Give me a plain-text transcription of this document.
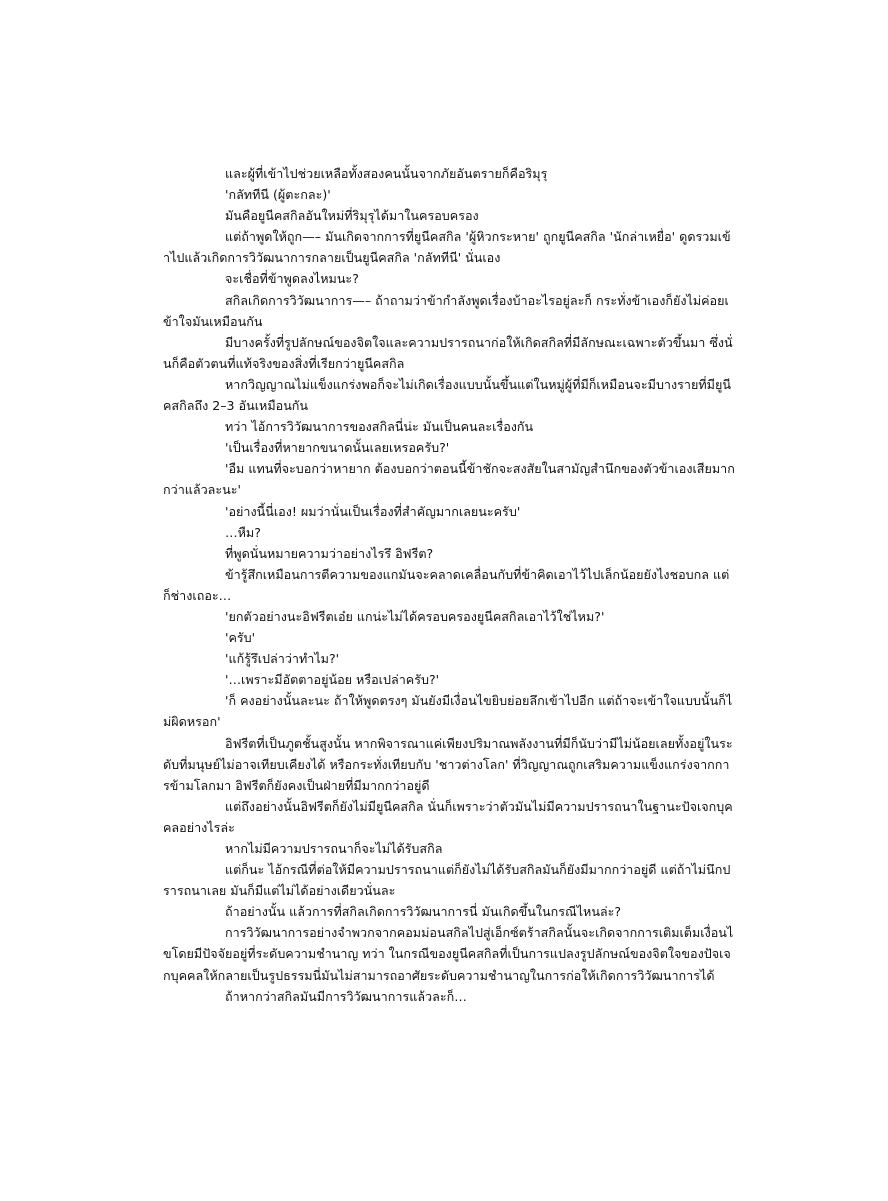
และผู้ที่เข้าไปช่วยเหลือทั้งสองคนนั้นจากภัยอันตรายก็คือริมุรุ

'กลัททีนี (ผู้ตะกละ)'

มันคือยูนีคสกิลอันใหม่ที่ริมุรุได้มาในครอบครอง

แต่ถ้าพูดให้ถูก—– มันเกิดจากการที่ยูนีคสกิล 'ผู้หิวกระหาย' ถูกยูนีคสกิล 'นักล่าเหยื่อ' ดูดรวมเข้าไปแล้วเกิดการวิวัฒนาการกลายเป็นยูนีคสกิล 'กลัททีนี' นั่นเอง

จะเชื่อที่ข้าพูดลงไหมนะ?

สกิลเกิดการวิวัฒนาการ—– ถ้าถามว่าข้ากำลังพูดเรื่องบ้าอะไรอยู่ละก็ กระทั่งข้าเองก็ยังไม่ค่อยเข้าใจมันเหมือนกัน

มีบางครั้งที่รูปลักษณ์ของจิตใจและความปรารถนาก่อให้เกิดสกิลที่มีลักษณะเฉพาะตัวขึ้นมา ซึ่งนั่นก็คือตัวตนที่แท้จริงของสิ่งที่เรียกว่ายูนีคสกิล

หากวิญญาณไม่แข็งแกร่งพอก็จะไม่เกิดเรื่องแบบนั้นขึ้นแต่ในหมู่ผู้ที่มีก็เหมือนจะมีบางรายที่มียูนีคสกิลถึง 2–3 อันเหมือนกัน

ทว่า ไอ้การวิวัฒนาการของสกิลนี่น่ะ มันเป็นคนละเรื่องกัน

'เป็นเรื่องที่หายากขนาดนั้นเลยเหรอครับ?'

'อืม แทนที่จะบอกว่าหายาก ต้องบอกว่าตอนนี้ข้าชักจะสงสัยในสามัญสำนึกของตัวข้าเองเสียมากกว่าแล้วละนะ'

'อย่างนี้นี่เอง! ผมว่านั่นเป็นเรื่องที่สำคัญมากเลยนะครับ'

…หืม?

ที่พูดนั่นหมายความว่าอย่างไรรึ อิฟรีต?

ข้ารู้สึกเหมือนการตีความของแกมันจะคลาดเคลื่อนกับที่ข้าคิดเอาไว้ไปเล็กน้อยยังไงชอบกล แต่ก็ช่างเถอะ…

'ยกตัวอย่างนะอิฟรีตเอ๋ย แกน่ะไม่ได้ครอบครองยูนีคสกิลเอาไว้ใช่ไหม?'

'ครับ'

'แก้รู้รึเปล่าว่าทำไม?'

'…เพราะมีอัตตาอยู่น้อย หรือเปล่าครับ?'

'ก็ คงอย่างนั้นละนะ ถ้าให้พูดตรงๆ มันยังมีเงื่อนไขยิบย่อยลึกเข้าไปอีก แต่ถ้าจะเข้าใจแบบนั้นก็ไม่ผิดหรอก'

อิฟรีตที่เป็นภูตชั้นสูงนั้น หากพิจารณาแค่เพียงปริมาณพลังงานที่มีก็นับว่ามีไม่น้อยเลยทั้งอยู่ในระดับที่มนุษย์ไม่อาจเทียบเคียงได้ หรือกระทั่งเทียบกับ 'ชาวต่างโลก' ที่วิญญาณถูกเสริมความแข็งแกร่งจากการข้ามโลกมา อิฟรีตก็ยังคงเป็นฝ่ายที่มีมากกว่าอยู่ดี

แต่ถึงอย่างนั้นอิฟรีตก็ยังไม่มียูนีคสกิล นั่นก็เพราะว่าตัวมันไม่มีความปรารถนาในฐานะปัจเจกบุคคลอย่างไรล่ะ

หากไม่มีความปรารถนาก็จะไม่ได้รับสกิล

แต่ก็นะ ไอ้กรณีที่ต่อให้มีความปรารถนาแต่ก็ยังไม่ได้รับสกิลมันก็ยังมีมากกว่าอยู่ดี แต่ถ้าไม่นึกปรารถนาเลย มันก็มีแต่ไม่ได้อย่างเดียวนั่นละ

ถ้าอย่างนั้น แล้วการที่สกิลเกิดการวิวัฒนาการนี่ มันเกิดขึ้นในกรณีไหนล่ะ?

การวิวัฒนาการอย่างจำพวกจากคอมม่อนสกิลไปสู่เอ็กซ์ตร้าสกิลนั้นจะเกิดจากการเติมเต็มเงื่อนไขโดยมีปัจจัยอยู่ที่ระดับความชำนาญ ทว่า ในกรณีของยูนีคสกิลที่เป็นการแปลงรูปลักษณ์ของจิตใจของปัจเจกบุคคลให้กลายเป็นรูปธรรมนี่มันไม่สามารถอาศัยระดับความชำนาญในการก่อให้เกิดการวิวัฒนาการได้

ถ้าหากว่าสกิลมันมีการวิวัฒนาการแล้วละก็…
